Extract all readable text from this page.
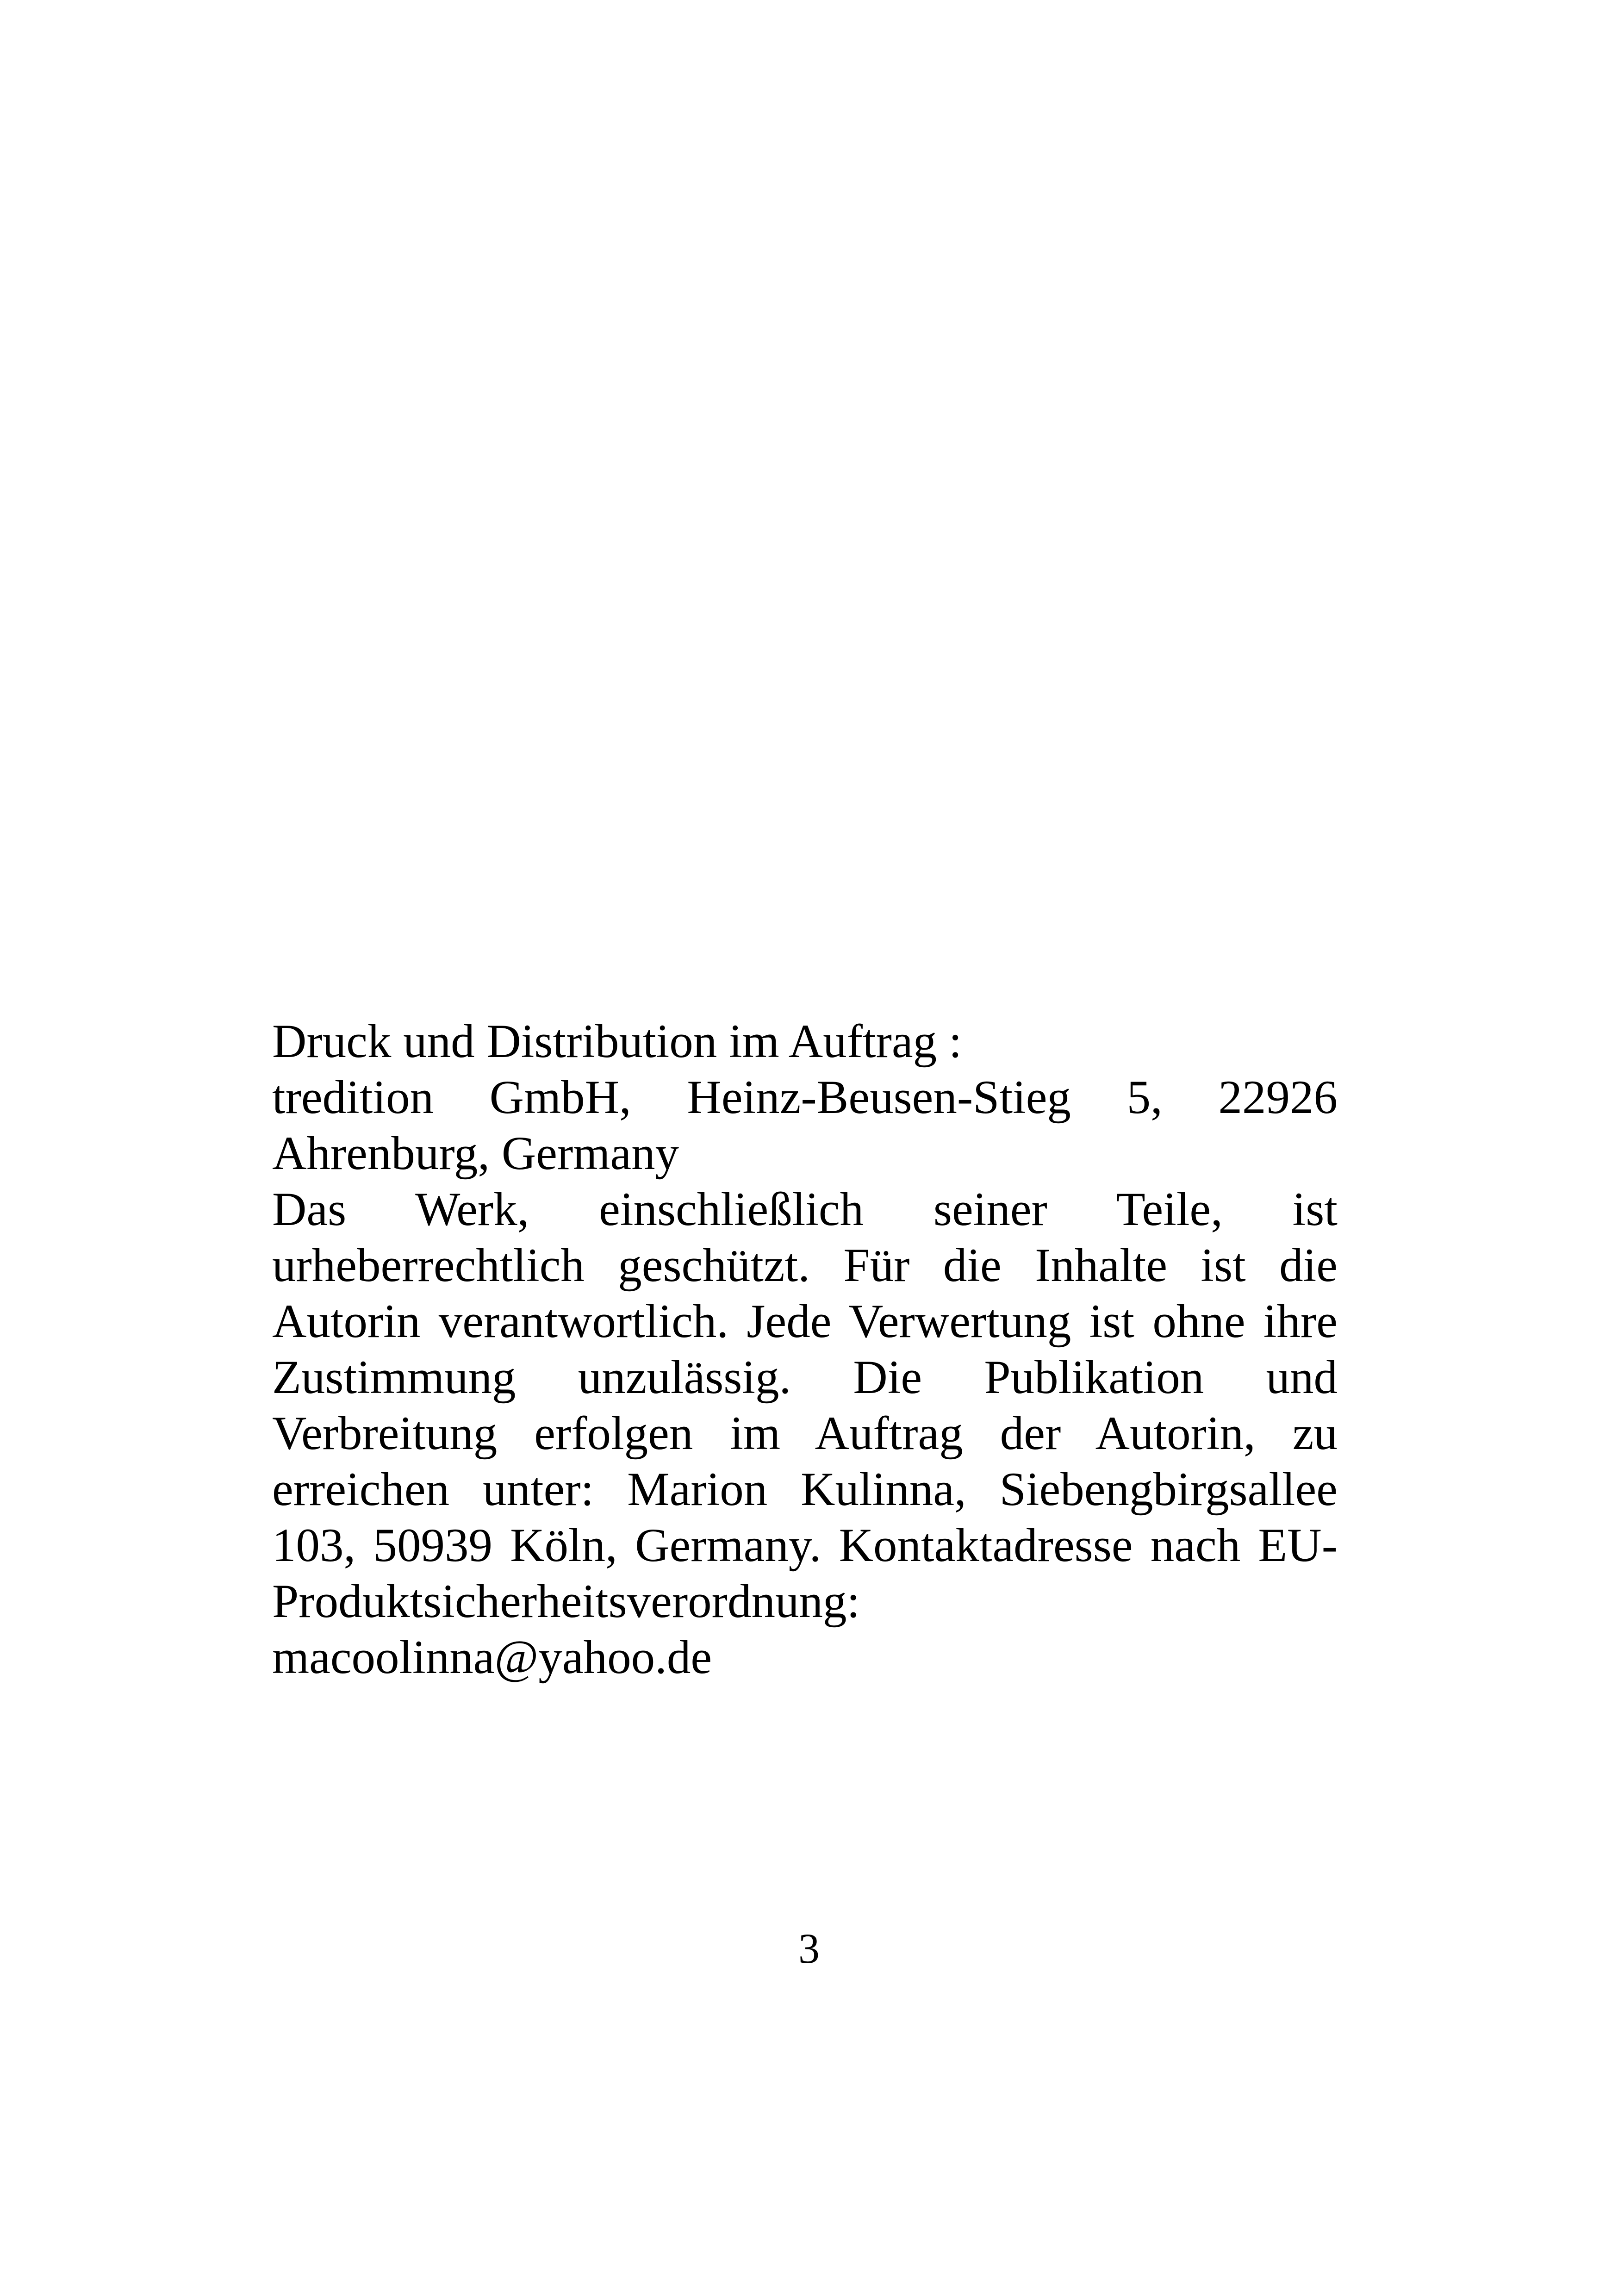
Druck und Distribution im Auftrag :
tredition GmbH, Heinz-Beusen-Stieg 5, 22926 Ahrenburg, Germany
Das Werk, einschließlich seiner Teile, ist urheberrechtlich geschützt. Für die Inhalte ist die Autorin verantwortlich. Jede Verwertung ist ohne ihre Zustimmung unzulässig. Die Publikation und Verbreitung erfolgen im Auftrag der Autorin, zu erreichen unter: Marion Kulinna, Siebengbirgsallee 103, 50939 Köln, Germany. Kontaktadresse nach EU-Produktsicherheitsverordnung:
macoolinna@yahoo.de
3
